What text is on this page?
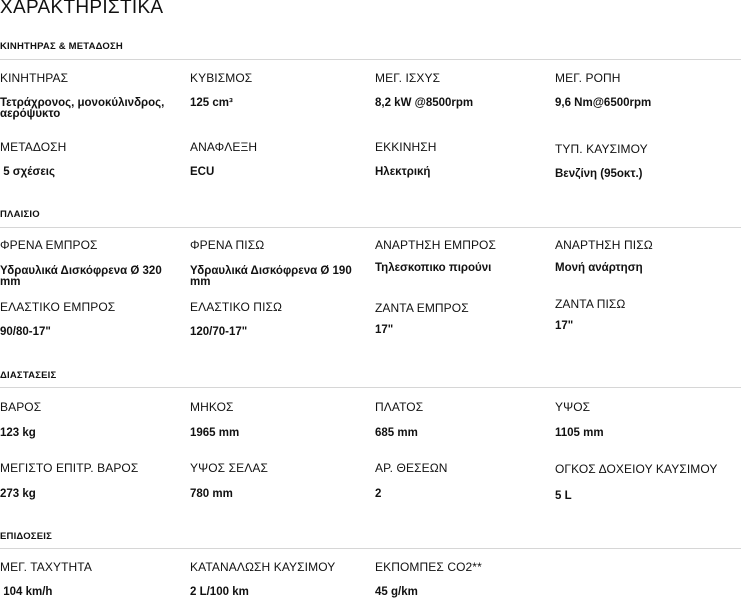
ΧΑΡΑΚΤΗΡΙΣΤΙΚΑ
ΚΙΝΗΤΗΡΑΣ & ΜΕΤΑΔΟΣΗ
ΚΙΝΗΤΗΡΑΣ
Τετράχρονος, μονοκύλινδρος, αερόψυκτο
ΚΥΒΙΣΜΟΣ
125 cm³
ΜΕΓ. ΙΣΧΥΣ
8,2 kW @8500rpm
ΜΕΓ. ΡΟΠΗ
9,6 Nm@6500rpm
ΜΕΤΑΔΟΣΗ
5 σχέσεις
ΑΝΑΦΛΕΞΗ
ECU
ΕΚΚΙΝΗΣΗ
Ηλεκτρική
ΤΥΠ. ΚΑΥΣΙΜΟΥ
Βενζίνη (95οκτ.)
ΠΛΑΙΣΙΟ
ΦΡΕΝΑ ΕΜΠΡΟΣ
Υδραυλικά Δισκόφρενα Ø 320 mm
ΦΡΕΝΑ ΠΙΣΩ
Υδραυλικά Δισκόφρενα Ø 190 mm
ΑΝΑΡΤΗΣΗ ΕΜΠΡΟΣ
Τηλεσκοπικο πιρούνι
ΑΝΑΡΤΗΣΗ ΠΙΣΩ
Μονή ανάρτηση
ΕΛΑΣΤΙΚΟ ΕΜΠΡΟΣ
90/80-17"
ΕΛΑΣΤΙΚΟ ΠΙΣΩ
120/70-17"
ΖΑΝΤΑ ΕΜΠΡΟΣ
17"
ΖΑΝΤΑ ΠΙΣΩ
17"
ΔΙΑΣΤΑΣΕΙΣ
ΒΑΡΟΣ
123 kg
ΜΗΚΟΣ
1965 mm
ΠΛΑΤΟΣ
685 mm
ΥΨΟΣ
1105 mm
ΜΕΓΙΣΤΟ ΕΠΙΤΡ. ΒΑΡΟΣ
273 kg
ΥΨΟΣ ΣΕΛΑΣ
780 mm
ΑΡ. ΘΕΣΕΩΝ
2
ΟΓΚΟΣ ΔΟΧΕΙΟΥ ΚΑΥΣΙΜΟΥ
5 L
ΕΠΙΔΟΣΕΙΣ
ΜΕΓ. ΤΑΧΥΤΗΤΑ
104 km/h
ΚΑΤΑΝΑΛΩΣΗ ΚΑΥΣΙΜΟΥ
2 L/100 km
ΕΚΠΟΜΠΕΣ CO2**
45 g/km
